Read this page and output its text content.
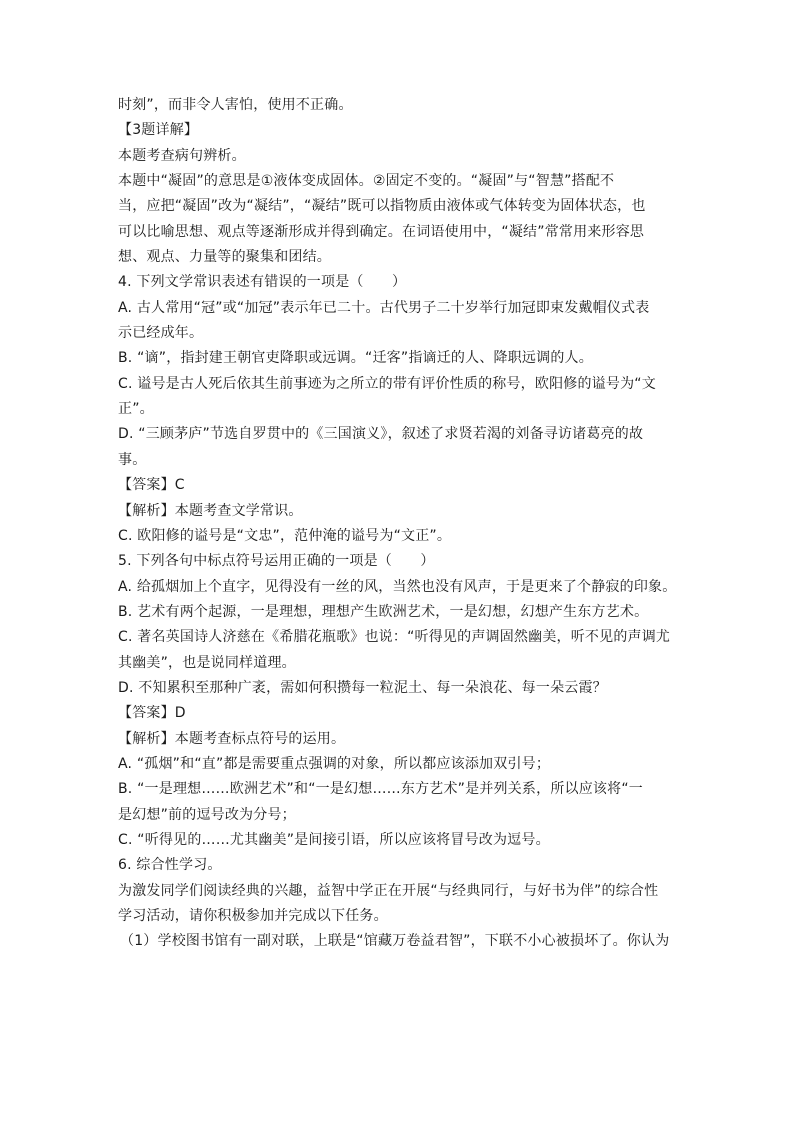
时刻”，而非令人害怕，使用不正确。
【3题详解】
本题考查病句辨析。
本题中“凝固”的意思是①液体变成固体。②固定不变的。“凝固”与“智慧”搭配不
当，应把“凝固”改为“凝结”，“凝结”既可以指物质由液体或气体转变为固体状态，也
可以比喻思想、观点等逐渐形成并得到确定。在词语使用中，“凝结”常常用来形容思
想、观点、力量等的聚集和团结。
4. 下列文学常识表述有错误的一项是（　　）
A. 古人常用“冠”或“加冠”表示年已二十。古代男子二十岁举行加冠即束发戴帽仪式表
示已经成年。
B. “谪”，指封建王朝官吏降职或远调。“迁客”指谪迁的人、降职远调的人。
C. 谥号是古人死后依其生前事迹为之所立的带有评价性质的称号，欧阳修的谥号为“文
正”。
D. “三顾茅庐”节选自罗贯中的《三国演义》，叙述了求贤若渴的刘备寻访诸葛亮的故
事。
【答案】C
【解析】本题考查文学常识。
C. 欧阳修的谥号是“文忠”，范仲淹的谥号为“文正”。
5. 下列各句中标点符号运用正确的一项是（　　）
A. 给孤烟加上个直字，见得没有一丝的风，当然也没有风声，于是更来了个静寂的印象。
B. 艺术有两个起源，一是理想，理想产生欧洲艺术，一是幻想，幻想产生东方艺术。
C. 著名英国诗人济慈在《希腊花瓶歌》也说：“听得见的声调固然幽美，听不见的声调尤
其幽美”，也是说同样道理。
D. 不知累积至那种广袤，需如何积攒每一粒泥土、每一朵浪花、每一朵云霞？
【答案】D
【解析】本题考查标点符号的运用。
A. “孤烟”和“直”都是需要重点强调的对象，所以都应该添加双引号；
B. “一是理想……欧洲艺术”和“一是幻想……东方艺术”是并列关系，所以应该将“一
是幻想”前的逗号改为分号；
C. “听得见的……尤其幽美”是间接引语，所以应该将冒号改为逗号。
6. 综合性学习。
为激发同学们阅读经典的兴趣，益智中学正在开展“与经典同行，与好书为伴”的综合性
学习活动，请你积极参加并完成以下任务。
（1）学校图书馆有一副对联，上联是“馆藏万卷益君智”，下联不小心被损坏了。你认为
